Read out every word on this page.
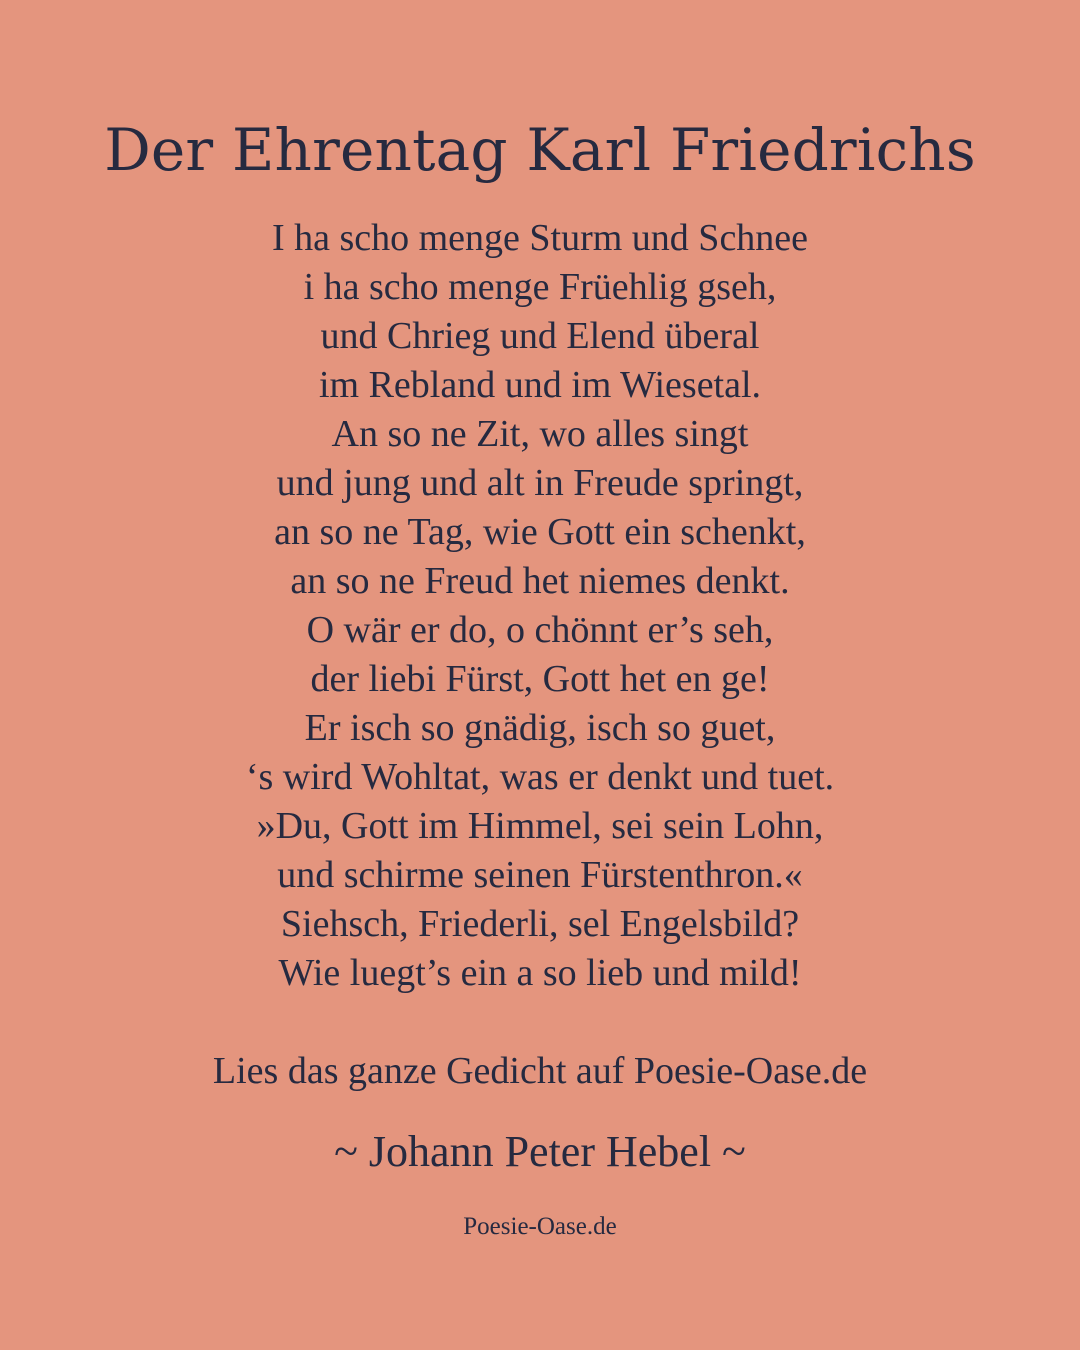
Der Ehrentag Karl Friedrichs
I ha scho menge Sturm und Schnee
i ha scho menge Früehlig gseh,
und Chrieg und Elend überal
im Rebland und im Wiesetal.
An so ne Zit, wo alles singt
und jung und alt in Freude springt,
an so ne Tag, wie Gott ein schenkt,
an so ne Freud het niemes denkt.
O wär er do, o chönnt er’s seh,
der liebi Fürst, Gott het en ge!
Er isch so gnädig, isch so guet,
‘s wird Wohltat, was er denkt und tuet.
»Du, Gott im Himmel, sei sein Lohn,
und schirme seinen Fürstenthron.«
Siehsch, Friederli, sel Engelsbild?
Wie luegt’s ein a so lieb und mild!

Lies das ganze Gedicht auf Poesie-Oase.de

~ Johann Peter Hebel ~

Poesie-Oase.de
